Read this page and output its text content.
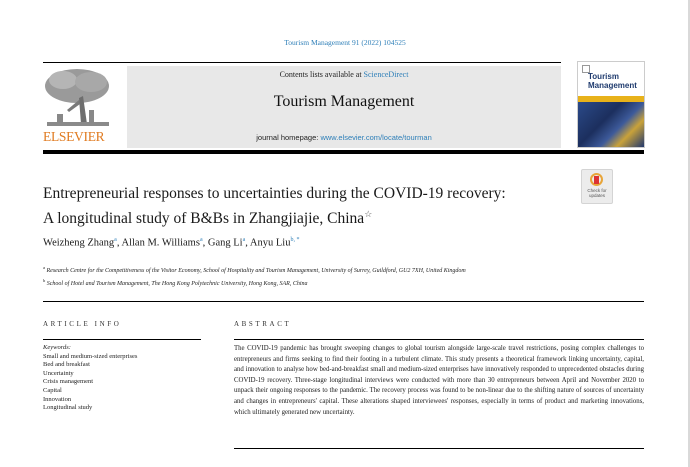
Tourism Management 91 (2022) 104525
ELSEVIER
Contents lists available at ScienceDirect
Tourism Management
journal homepage: www.elsevier.com/locate/tourman
Tourism
Management
Entrepreneurial responses to uncertainties during the COVID-19 recovery:
A longitudinal study of B&Bs in Zhangjiajie, China☆
Check for
updates
Weizheng Zhang$^a$, Allan M. Williams$^a$, Gang Li$^a$, Anyu Liu$^{b, *}$
$^a$ Research Centre for the Competitiveness of the Visitor Economy, School of Hospitality and Tourism Management, University of Surrey, Guildford, GU2 7XH, United Kingdom
$^b$ School of Hotel and Tourism Management, The Hong Kong Polytechnic University, Hong Kong, SAR, China
ARTICLE INFO	ABSTRACT
Keywords:
Small and medium-sized enterprises
Bed and breakfast
Uncertainty
Crisis management
Capital
Innovation
Longitudinal study
The COVID-19 pandemic has brought sweeping changes to global tourism alongside large-scale travel restrictions, posing complex challenges to entrepreneurs and firms seeking to find their footing in a turbulent climate. This study presents a theoretical framework linking uncertainty, capital, and innovation to analyse how bed-and-breakfast small and medium-sized enterprises have innovatively responded to unprecedented obstacles during COVID-19 recovery. Three-stage longitudinal interviews were conducted with more than 30 entrepreneurs between April and November 2020 to unpack their ongoing responses to the pandemic. The recovery process was found to be non-linear due to the shifting nature of sources of uncertainty and changes in entrepreneurs' capital. These alterations shaped interviewees' responses, especially in terms of product and marketing innovations, which ultimately generated new uncertainty.
